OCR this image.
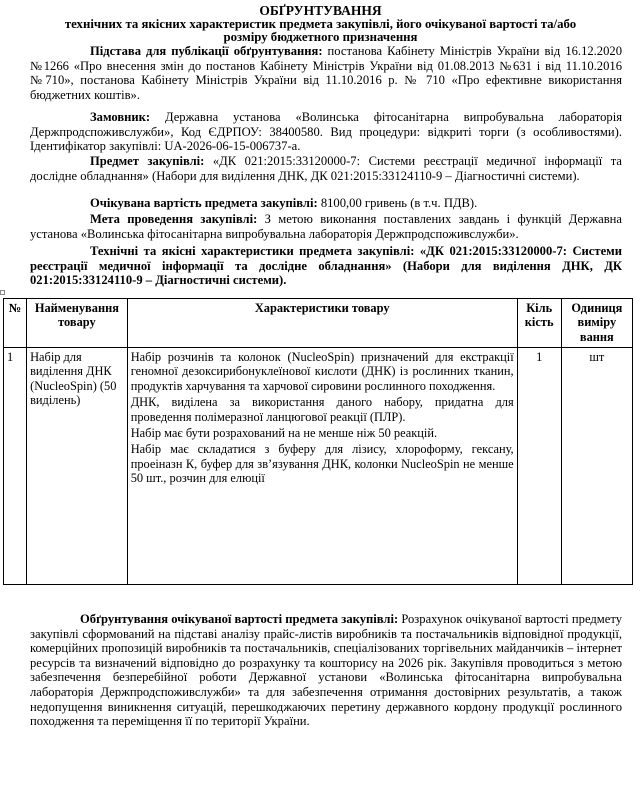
ОБҐРУНТУВАННЯ
технічних та якісних характеристик предмета закупівлі, його очікуваної вартості та/або
розміру бюджетного призначення
Підстава для публікації обґрунтування: постанова Кабінету Міністрів України від 16.12.2020 №1266 «Про внесення змін до постанов Кабінету Міністрів України від 01.08.2013 №631 і від 11.10.2016 №710», постанова Кабінету Міністрів України від 11.10.2016 р. № 710 «Про ефективне використання бюджетних коштів».
Замовник: Державна установа «Волинська фітосанітарна випробувальна лабораторія Держпродспоживслужби», Код ЄДРПОУ: 38400580. Вид процедури: відкриті торги (з особливостями). Ідентифікатор закупівлі: UA-2026-06-15-006737-a.
Предмет закупівлі: «ДК 021:2015:33120000-7: Системи реєстрації медичної інформації та дослідне обладнання» (Набори для виділення ДНК, ДК 021:2015:33124110-9 – Діагностичні системи).
Очікувана вартість предмета закупівлі: 8100,00 гривень (в т.ч. ПДВ).
Мета проведення закупівлі: З метою виконання поставлених завдань і функцій Державна установа «Волинська фітосанітарна випробувальна лабораторія Держпродспоживслужби».
Технічні та якісні характеристики предмета закупівлі: «ДК 021:2015:33120000-7: Системи реєстрації медичної інформації та дослідне обладнання» (Набори для виділення ДНК, ДК 021:2015:33124110-9 – Діагностичні системи).
№	Найменування товару	Характеристики товару	Кіль кість	Одиниця виміру вання
1	Набір для виділення ДНК (NucleoSpin) (50 виділень)	Набір розчинів та колонок (NucleoSpin) призначений для екстракції геномної дезоксирибонуклеїнової кислоти (ДНК) із рослинних тканин, продуктів харчування та харчової сировини рослинного походження.

ДНК, виділена за використання даного набору, придатна для проведення полімеразної ланцюгової реакції (ПЛР).

Набір має бути розрахований на не менше ніж 50 реакцій.

Набір має складатися з буферу для лізису, хлороформу, гексану, проеіназн К, буфер для зв’язування ДНК, колонки NucleoSpin не менше 50 шт., розчин для елюції	1	шт
Обґрунтування очікуваної вартості предмета закупівлі: Розрахунок очікуваної вартості предмету закупівлі сформований на підставі аналізу прайс-листів виробників та постачальників відповідної продукції, комерційних пропозицій виробників та постачальників, спеціалізованих торгівельних майданчиків – інтернет ресурсів та визначений відповідно до розрахунку та кошторису на 2026 рік. Закупівля проводиться з метою забезпечення безперебійної роботи Державної установи «Волинська фітосанітарна випробувальна лабораторія Держпродспоживслужби» та для забезпечення отримання достовірних результатів, а також недопущення виникнення ситуацій, перешкоджаючих перетину державного кордону продукції рослинного походження та переміщення її по території України.
